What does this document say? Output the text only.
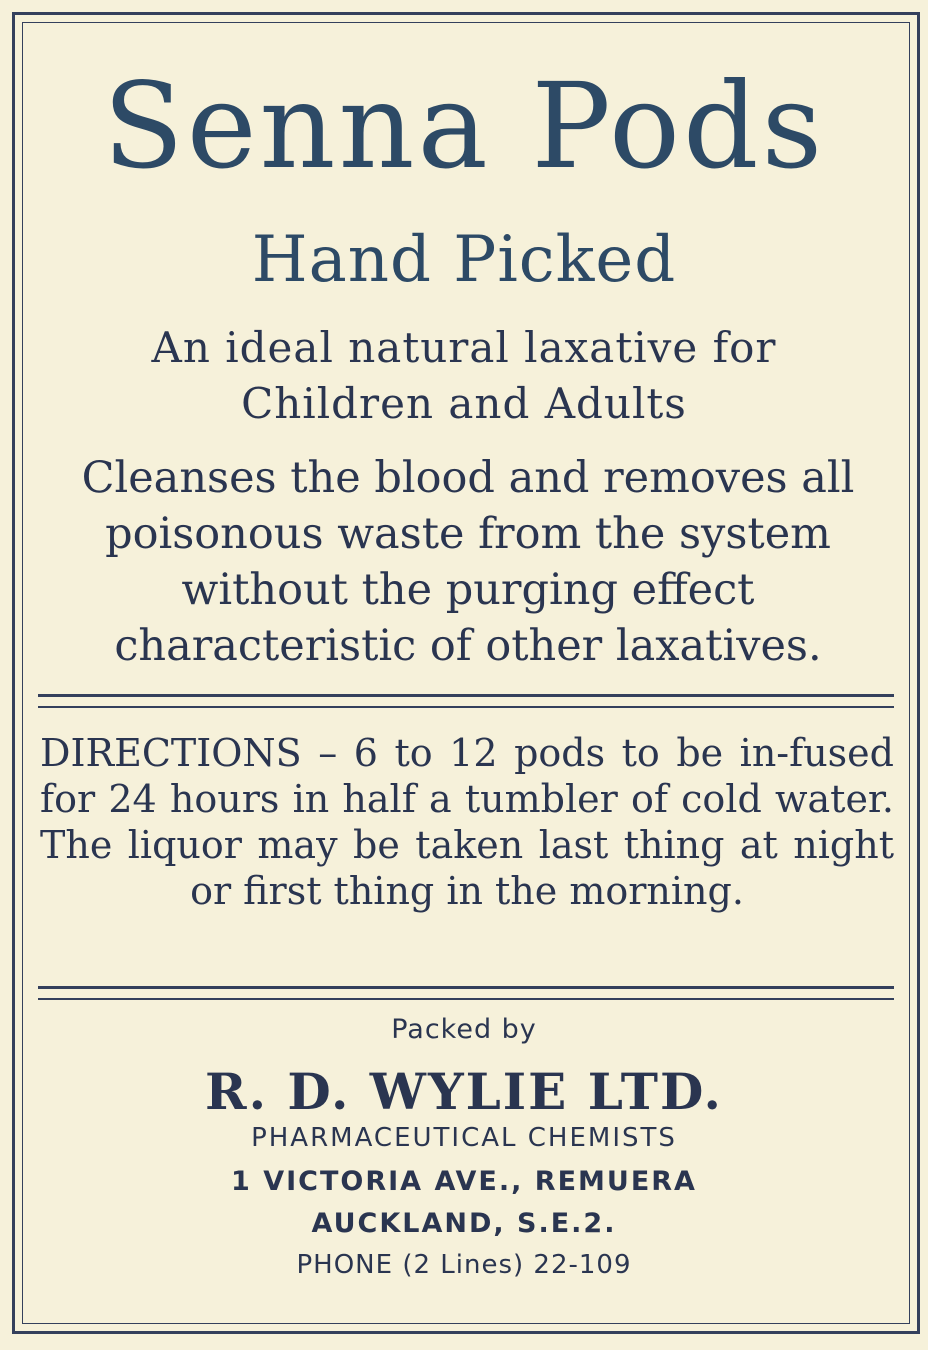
Senna Pods
Hand Picked
An ideal natural laxative for
Children and Adults
Cleanses the blood and removes all
poisonous waste from the system
without the purging effect
characteristic of other laxatives.
DIRECTIONS – 6 to 12 pods to be in-fused for 24 hours in half a tumbler of cold water. The liquor may be taken last thing at night or first thing in the morning.
Packed by
R. D. WYLIE LTD.
PHARMACEUTICAL CHEMISTS
1 VICTORIA AVE., REMUERA
AUCKLAND, S.E.2.
PHONE (2 Lines) 22-109
